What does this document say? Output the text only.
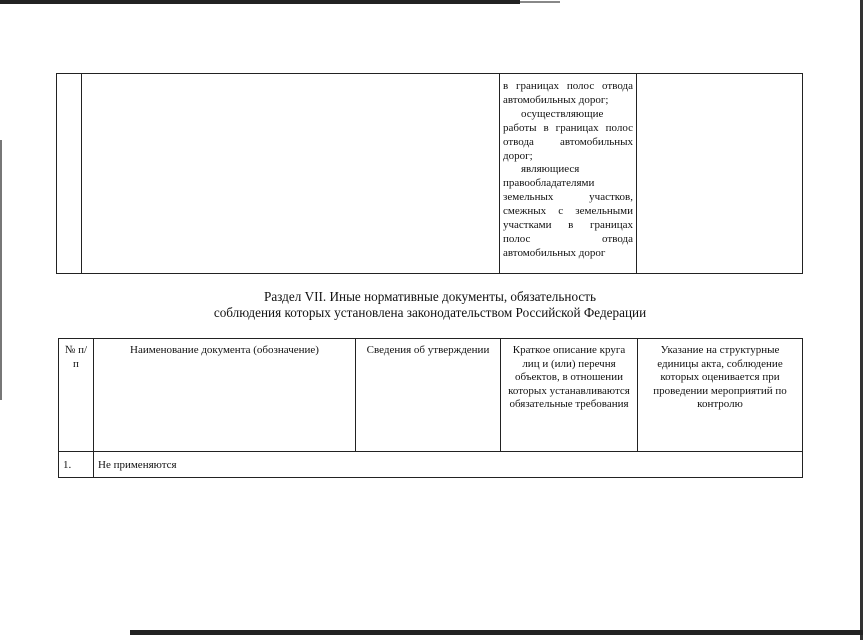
в границах полос отвода автомобильных дорог;
осуществляющие работы в границах полос отвода автомобильных дорог;
являющиеся правообладателями земельных участков, смежных с земельными участками в границах полос отвода автомобильных дорог

Раздел VII. Иные нормативные документы, обязательность
соблюдения которых установлена законодательством Российской Федерации
№ п/п	Наименование документа (обозначение)	Сведения об утверждении	Краткое описание круга лиц и (или) перечня объектов, в отношении которых устанавливаются обязательные требования	Указание на структурные единицы акта, соблюдение которых оценивается при проведении мероприятий по контролю
1.	Не применяются			
